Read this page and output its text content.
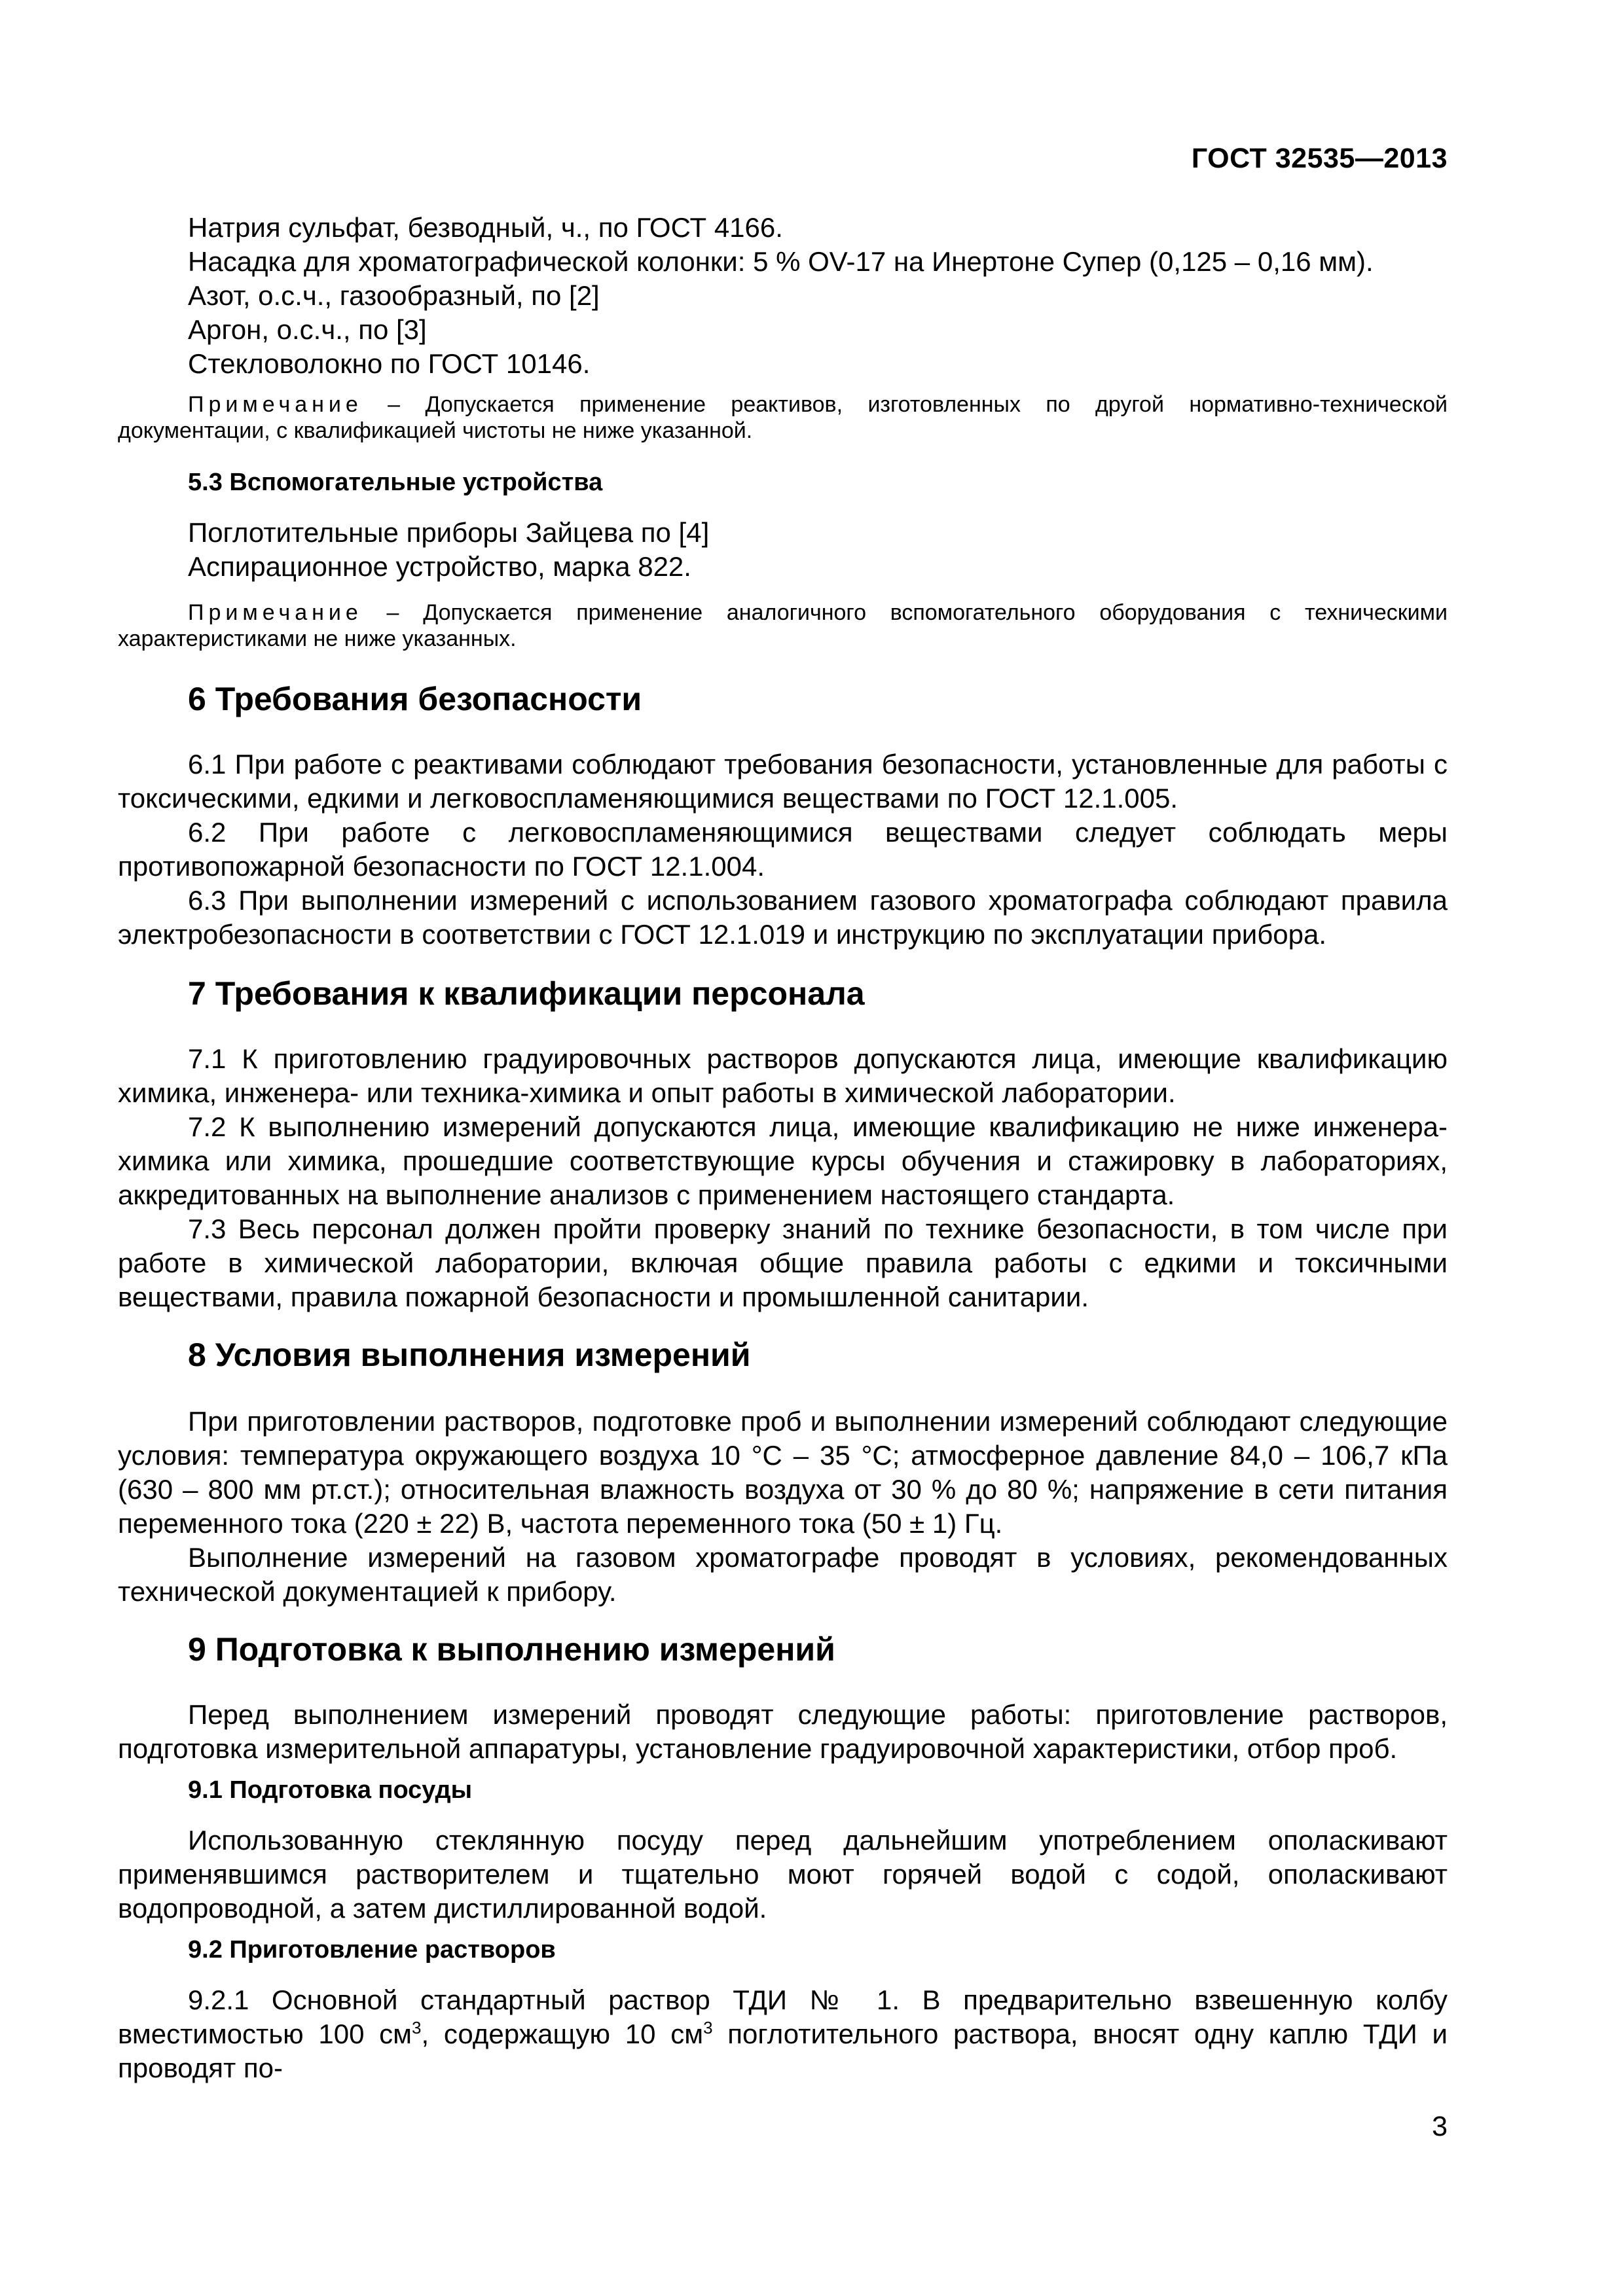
ГОСТ 32535—2013

Натрия сульфат, безводный, ч., по ГОСТ 4166.

Насадка для хроматографической колонки: 5 % OV-17 на Инертоне Супер (0,125 – 0,16 мм).

Азот, о.с.ч., газообразный, по [2]

Аргон, о.с.ч., по [3]

Стекловолокно по ГОСТ 10146.

Примечание – Допускается применение реактивов, изготовленных по другой нормативно-технической документации, с квалификацией чистоты не ниже указанной.

5.3 Вспомогательные устройства

Поглотительные приборы Зайцева по [4]

Аспирационное устройство, марка 822.

Примечание – Допускается применение аналогичного вспомогательного оборудования с техническими характеристиками не ниже указанных.

6 Требования безопасности

6.1 При работе с реактивами соблюдают требования безопасности, установленные для работы с токсическими, едкими и легковоспламеняющимися веществами по ГОСТ 12.1.005.

6.2 При работе с легковоспламеняющимися веществами следует соблюдать меры противопожарной безопасности по ГОСТ 12.1.004.

6.3 При выполнении измерений с использованием газового хроматографа соблюдают правила электробезопасности в соответствии с ГОСТ 12.1.019 и инструкцию по эксплуатации прибора.

7 Требования к квалификации персонала

7.1 К приготовлению градуировочных растворов допускаются лица, имеющие квалификацию химика, инженера- или техника-химика и опыт работы в химической лаборатории.

7.2 К выполнению измерений допускаются лица, имеющие квалификацию не ниже инженера-химика или химика, прошедшие соответствующие курсы обучения и стажировку в лабораториях, аккредитованных на выполнение анализов с применением настоящего стандарта.

7.3 Весь персонал должен пройти проверку знаний по технике безопасности, в том числе при работе в химической лаборатории, включая общие правила работы с едкими и токсичными веществами, правила пожарной безопасности и промышленной санитарии.

8 Условия выполнения измерений

При приготовлении растворов, подготовке проб и выполнении измерений соблюдают следующие условия: температура окружающего воздуха 10 °С – 35 °С; атмосферное давление 84,0 – 106,7 кПа (630 – 800 мм рт.ст.); относительная влажность воздуха от 30 % до 80 %; напряжение в сети питания переменного тока (220 ± 22) В, частота переменного тока (50 ± 1) Гц.

Выполнение измерений на газовом хроматографе проводят в условиях, рекомендованных технической документацией к прибору.

9 Подготовка к выполнению измерений

Перед выполнением измерений проводят следующие работы: приготовление растворов, подготовка измерительной аппаратуры, установление градуировочной характеристики, отбор проб.

9.1 Подготовка посуды

Использованную стеклянную посуду перед дальнейшим употреблением ополаскивают применявшимся растворителем и тщательно моют горячей водой с содой, ополаскивают водопроводной, а затем дистиллированной водой.

9.2 Приготовление растворов

9.2.1 Основной стандартный раствор ТДИ № 1. В предварительно взвешенную колбу вместимостью 100 $см^3$, содержащую 10 $см^3$ поглотительного раствора, вносят одну каплю ТДИ и проводят по-

3
